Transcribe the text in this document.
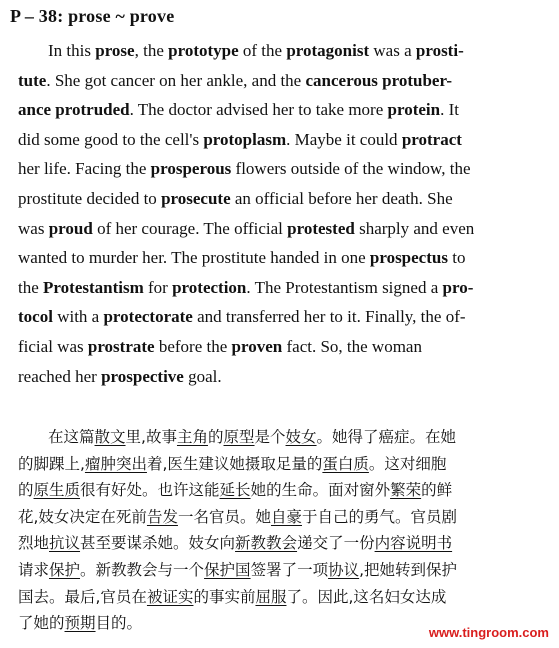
P – 38: prose ~ prove
In this prose, the prototype of the protagonist was a prosti-
tute. She got cancer on her ankle, and the cancerous protuber-
ance protruded. The doctor advised her to take more protein. It
did some good to the cell's protoplasm. Maybe it could protract
her life. Facing the prosperous flowers outside of the window, the
prostitute decided to prosecute an official before her death. She
was proud of her courage. The official protested sharply and even
wanted to murder her. The prostitute handed in one prospectus to
the Protestantism for protection. The Protestantism signed a pro-
tocol with a protectorate and transferred her to it. Finally, the of-
ficial was prostrate before the proven fact. So, the woman
reached her prospective goal.
在这篇散文里,故事主角的原型是个妓女。她得了癌症。在她
的脚踝上,瘤肿突出着,医生建议她摄取足量的蛋白质。这对细胞
的原生质很有好处。也许这能延长她的生命。面对窗外繁荣的鲜
花,妓女决定在死前告发一名官员。她自豪于自己的勇气。官员剧
烈地抗议甚至要谋杀她。妓女向新教教会递交了一份内容说明书
请求保护。新教教会与一个保护国签署了一项协议,把她转到保护
国去。最后,官员在被证实的事实前屈服了。因此,这名妇女达成
了她的预期目的。
www.tingroom.com
